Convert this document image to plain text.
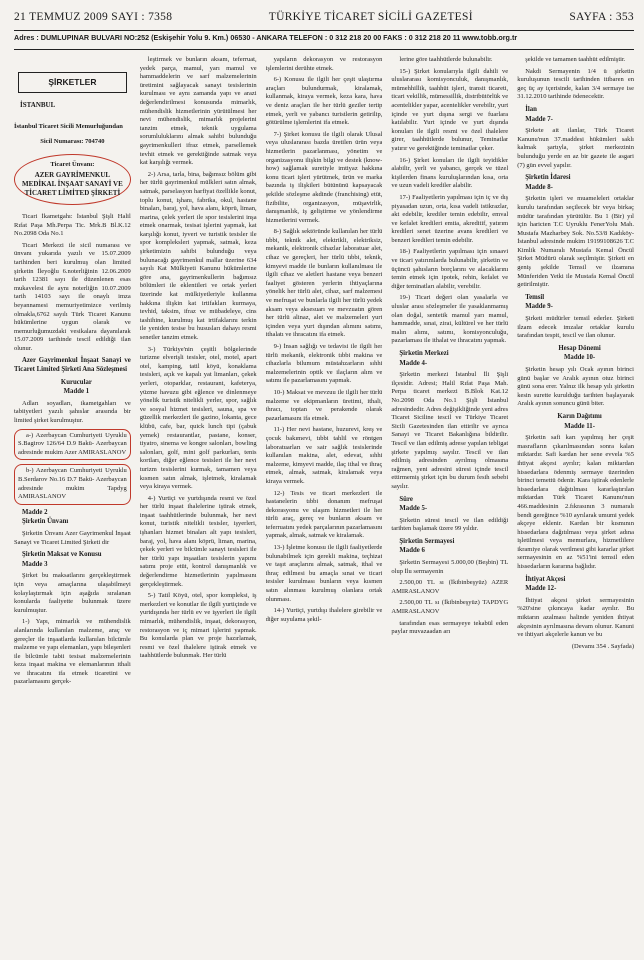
21 TEMMUZ 2009 SAYI : 7358	TÜRKİYE TİCARET SİCİLİ GAZETESİ	SAYFA : 353
Adres : DUMLUPINAR BULVARI NO:252 (Eskişehir Yolu 9. Km.) 06530 - ANKARA TELEFON : 0 312 218 20 00 FAKS : 0 312 218 20 11 www.tobb.org.tr
ŞİRKETLER
İSTANBUL
İstanbul Ticaret Sicili Memurluğundan
Sicil Numarası: 704740
Ticaret Ünvanı:
AZER GAYRİMENKUL MEDİKAL İNŞAAT SANAYİ VE TİCARET LİMİTED ŞİRKETİ

Ticari İkametgahı: İstanbul Şişli Halil Rıfat Paşa Mh.Perpa Tic. Mrk.B Bl.K.12 No.2098 Oda No.1

Ticari Merkezi ile sicil numarası ve ünvanı yukarıda yazılı ve 15.07.2009 tarihinden beri kurulmuş olan limited şirketin İleyoğlu 6.noterliğinin 12.06.2009 tarih 12381 sayı ile düzenlenen esas mukavelesi ile aynı noterliğin 10.07.2009 tarih 14103 sayı ile onaylı imza beyannamesi memuriyetimizce verilmiş olmakla,6762 sayılı Türk Ticaret Kanunu hükümlerine uygun olarak ve memurluğumuzdaki vesikalara dayanılarak 15.07.2009 tarihinde tescil edildiği ilan olunur.

Azer Gayrimenkul İnşaat Sanayi ve Ticaret Limited Şirketi Ana Sözleşmesi
Kurucular
Madde 1

Adları soyadları, ikametgahları ve tabiiyetleri yazılı şahıslar arasında bir limited şirket kurulmuştur.

a-) Azerbaycan Cumhuriyeti Uyruklu S.Bagirov 126/64 D.9 Bakü- Azerbaycan adresinde mukim Azer AMIRASLANOV

b-) Azerbaycan Cumhuriyeti Uyruklu B.Serdarov No.16 D.7 Bakü- Azerbaycan adresinde mukim Tapdyg AMIRASLANOV

Madde 2
Şirketin Ünvanı

Şirketin Ünvanı Azer Gayrimenkul İnşaat Sanayi ve Ticaret Limited Şirketi dir

Şirketin Maksat ve Konusu
Madde 3

Şirket bu maksatlarını gerçekleştirmek için veya amaçlarına ulaşabilmeyi kolaylaştırmak için aşağıda sıralanan konularda faaliyette bulunmak üzere kurulmuştur.

1-) Yapı, mimarlık ve mühendislik alanlarında kullanılan malzeme, araç ve gereçler ile inşaatlarda kullanılan bilcümle malzeme ve yapı elemanları, yapı bileşenleri ile bilcümle tabii tesisat malzemelerinin keza inşaat makina ve elemanlarının ithali ve ihracatını ifa etmek ticaretini ve pazarlamasını gerçek-

leştirmek ve bunların aksam, teferruat, yedek parça, mamul, yarı mamul ve hammaddelerin ve sarf malzemelerinin üretimini sağlayacak sanayi tesislerinin kurulması ve aynı zamanda yapı ve arazi değerlendirilmesi konusunda mimarlık, mühendislik hizmetlerinin yürütülmesi her nevi mühendislik, mimarlık projelerini tanzim etmek, teknik uygulama sorumluluklarını almak sahibi bulunduğu gayrimenkulleri ifraz etmek, parsellemek tevhit etmek ve gerektiğinde satmak veya kat karşılığı vermek.

2-) Arsa, tarla, bina, bağımsız bölüm gibi her türlü gayrimenkul mülkleri satın almak, satmak, parselasyon harfiyat özellikle konut, toplu konut, işhanı, fabrika, okul, hastane binaları, baraj, yol, hava alanı, köprü, liman, marina, çelek yerleri ile spor tesislerini inşa etmek onarmak, tesisat işlerini yapmak, kat karşılığı konut, iyveri ve turistik tesisler ile spor kompleksleri yapmak, satmak, keza şirketimizin sahibi bulunduğu veya bulunacağı gayrimenkul mallar üzerine 634 sayılı Kat Mülkiyeti Kanunu hükümlerine göre ana, gayrimenkullerin bağımsız bölümleri ile eklentileri ve ortak yerleri üzerinde kat mülkiyetleriyle kullanma hakkına ilişkin kat irtifakları kurmaya, tevhid, taksim, ifraz ve mübadeleye, cins tashihine, kurulmuş kat irtifaklarını terkin ile yeniden tesise bu hususları dahayı resmi senetler tanzim etmek.

3-) Türkiye'nin çeşitli bölgelerinde turizme elverişli tesisler, otel, motel, apart otel, kamping, tatil köyü, konaklama tesisleri, açık ve kapalı yat limanları, çekek yerleri, otoparklar, restaurant, kafeterya, yüzme havuzu gibi eğlence ve dinlenmeye yönelik turistik nitelikli yerler, spor, sağlık ve sosyal hizmet tesisleri, sauna, spa ve güzellik merkezleri ile gazino, lokanta, gece klübü, cafe, bar, quick lunch tipi (çabuk yemek) restaurantlar, pastane, konser, tiyatro, sinema ve kongre salonları, bowling salonları, golf, mini golf parkurları, tenis kortları, diğer eğlence tesisleri ile her nevi turizm tesislerini kurmak, tamamen veya kısmen satın almak, işletmek, kiralamak veya kiraya vermek.

4-) Yurtiçi ve yurtdışında resmi ve özel her türlü inşaat ihalelerine iştirak etmek, inşaat taahhütlerinde bulunmak, her nevi konut, turistik nitelikli tesisler, işyerleri, işhanları hizmet binaları alt yapı tesisleri, baraj, yol, hava alanı köprü, liman, marina, çekek yerleri ve bilcümle sanayi tesisleri ile her türlü yapı inşaatları tesislerin yapımı satımı proje etüt, kontrol danışmanlık ve değerlendirme hizmetlerinin yapılmasını gerçekleştirmek.

5-) Tatil Köyü, otel, spor kompleksi, iş merkezleri ve konutlar ile ilgili yurtiçinde ve yurtdışında her türlü ev ve işyerleri ile ilgili mimarlık, mühendislik, inşaat, dekorasyon, restorasyon ve iç mimari işlerini yapmak. Bu konularda plan ve proje hazırlamak, resmi ve özel ihalelere iştirak etmek ve taahhütlerde bulunmak. Her türlü

yapıların dekorasyon ve restorasyon işlemlerini derühte etmek.

6-) Konusu ile ilgili her çeşit ulaştırma araçları bulundurmak, kiralamak, kullanmak, kiraya vermek, keza kara, hava ve deniz araçları ile her türlü geziler tertip etmek, yerli ve yabancı turistlerin getirilip, götürülme işlemlerini ifa etmek.

7-) Şirket konusu ile ilgili olarak Ulusal veya uluslararası bazda üretilen ürün veya hizmetlerin pazarlanması, yönetim ve organizasyonu ilişkin bilgi ve destek (know- how) sağlamak suretiyle imtiyaz hakkına konu ticari işleri yürütmek, ürün ve marka bazında iş ilişkileri bütününü kapsayacak şekilde sözleşme akdinde (franchising) etüt, fizibilite, organizasyon, müşavirlik, danışmanlık, iş geliştirme ve yönlendirme hizmetlerini vermek.

8-) Sağlık sektöründe kullanılan her türlü tıbbi, teknik alet, elektrikli, elektriksiz, mekanik, elektronik cihazlar laboratuar alet, cihaz ve gereçleri, her türlü tıbbi, teknik, kimyevi madde ile bunların kullanılması ile ilgili cihaz ve aletleri hastane veya benzeri faaliyet gösteren yerlerin ihtiyaçlarına yönelik her türlü alet, cihaz, sarf malzemesi ve mefruşat ve bunlarla ilgili her türlü yedek aksam veya aksesuarı ve mevzuatın gören her türlü alinaz, alet ve malzemeleri yurt içinden veya yurt dışından alımını satımı, ithalatı ve ihracatını ifa etmek.

9-) İnsan sağlığı ve tedavisi ile ilgili her türlü mekanik, elektronik tıbbi makina ve cihazlarla bilumum müstahzarların sıhhi malzemelerinin optik ve ilaçların alım ve satımı ile pazarlamasını yapmak.

10-) Maksat ve mevzuu ile ilgili her türlü malzeme ve ekipmanların üretimi, ithali, ihracı, toptan ve perakende olarak pazarlamasını ifa etmek.

11-) Her nevi hastane, huzurevi, kreş ve çocuk bakımevi, tıbbi tahlil ve röntgen laboratuarları ve sair sağlık tesislerinde kullanılan makina, alet, edevat, sıhhi malzeme, kimyevi madde, ilaç ithal ve ihraç etmek, almak, satmak, kiralamak veya kiraya vermek.

12-) Tesis ve ticari merkezleri ile hastanelerin tıbbi donanım mefruşat dekorasyonu ve ulaşım hizmetleri ile her türlü araç, gereç ve bunların aksam ve teferruatını yedek parçalarının pazarlamasını yapmak, almak, satmak ve kiralamak.

13-) İşletme konusu ile ilgili faaliyetlerde bulunabilmek için gerekli makina, teçhizat ve taşıt araçlarını almak, satmak, ithal ve ihraç edilmesi bu amaçla sınai ve ticari tesisler kurulması bunların veya kısmen satın alınması kurulmuş olanlara ortak olunması.

14-) Yurtiçi, yurtdışı ihalelere girebilir ve diğer suyulama şekil-

lerine göre taahhütlerde bulunabilir.

15-) Şirket konularıyla ilgili dahili ve uluslararası komisyonculuk, danışmanlık, mümehhillik, taahhüt işleri, transit ticareti, ticari vekillik, mümessillik, distribütörlük ve acentelikler yapar, acentelikler verebilir, yurt içinde ve yurt dışına sergi ve fuarlara katılabilir. Yurt içinde ve yurt dışında konuları ile ilgili resmi ve özel ihalelere girer, taahhütlerde bulunur, Teminatlar yatırır ve gerektiğinde teminatlar çeker.

16-) Şirket konuları ile ilgili teyidikler alabilir, yerli ve yabancı, gerçek ve tüzel kişilerden finans kuruluşlarından kısa, orta ve uzun vadeli krediler alabilir.

17-) Faaliyetlerin yapılması için iç ve dış piyasadan uzun, orta, kısa vadeli istikrazlar, akt edebilir, krediler temin edebilir, emval ve kefalet kredileri emtia, akreditif, yatırım kredileri senet üzerine avans kredileri ve benzeri kredileri temin edebilir.

18-) Faaliyetlerin yapılması için sınaavi ve ticari yatırımlarda bulunabilir, şirketin ve üçüncü şahısların borçlarını ve alacaklarını temin etmek için ipotek, rehin, kefalet ve diğer teminatları alabilir, verebilir.

19-) Ticari değeri olan yasalarla ve uluslar arası sözleşmeler ile yasaklanmamış olan doğal, sentetik mamul yarı mamul, hammadde, sınai, zirai, kültürel ve her türlü malın alımı, satımı, komisyonculuğu, pazarlaması ile ithalat ve ihracatını yapmak.

Şirketin Merkezi
Madde 4-

Şirketin merkezi İstanbul İli Şişli ilçesidir. Adresi; Halil Rıfat Paşa Mah. Perpa ticaret merkezi B.Blok Kat.12 No.2098 Oda No.1 Şişli İstanbul adresindedir. Adres değişikliğinde yeni adres Ticaret Siciline tescil ve Türkiye Ticaret Sicili Gazetesinden ilan ettirilir ve ayrıca Sanayi ve Ticaret Bakanlığına bildirilir. Tescil ve ilan edilmiş adrese yapılan tebligat şirkete yapılmış sayılır. Tescil ve ilan edilmiş adresinden ayrılmış olmasına rağmen, yeni adresini süresi içinde tescil ettirmemiş şirket için bu durum fesih sebebi sayılır.

Süre
Madde 5-

Şirketin süresi tescil ve ilan edildiği tarihten başlamak üzere 99 yıldır.

Şirketin Sermayesi
Madde 6

Şirketin Sermayesi 5.000,00 (Beşbin) TL olup İlu sermayenin

2.500,00 TL sı (İkibinbeşyüz) AZER AMIRASLANOV

2.500,00 TL sı (İkibinbeşyüz) TAPDYG AMIRASLANOV

tarafından esas sermayeye tekabül eden paylar muvazaadan arı

şekilde ve tamamen taahhüt edilmiştir.

Nakdi Sermayenin 1/4 ü şirketin kuruluşunun tescili tarihinden itibaren en geç üç ay içerisinde, kalan 3/4 sermaye ise 31.12.2010 tarihinde ödenecektir.

İlan
Madde 7-

Şirkete ait ilanlar, Türk Ticaret Kanunu'nun 37.maddesi hükümleri saklı kalmak şartıyla, şirket merkezinin bulunduğu yerde en az bir gazete ile asgari (7) gün evvel yapılır.

Şirketin İdaresi
Madde 8-

Şirketin işleri ve muameleleri ortaklar kurulu tarafından seçilecek bir veya birkaç müdür tarafından yürütülür. Bu 1 (Bir) yıl için haricten T.C Uyruklu FenerYolu Mah. Mustafa Mazharbey Sok. No.53/8 Kadıköy- İstanbul adresinde mukim 19199108626 T.C Kimlik Numaralı Mustafa Kemal Öncül Şirket Müdürü olarak seçilmiştir. Şirketi en geniş şekilde Temsil ve ilzamına Münferiden Yetki ile Mustafa Kemal Öncül getirilmiştir.

Temsil
Madde 9-

Şirketi müdürler temsil ederler. Şirketi ilzam edecek imzalar ortaklar kurulu tarafından tespit, tescil ve ilan olunur.

Hesap Dönemi
Madde 10-

Şirketin hesap yılı Ocak ayının birinci günü başlar ve Aralık ayının otuz birinci günü sona erer. Yalnız ilk hesap yılı şirketin kesin surette kurulduğu tarihten başlayarak Aralık ayının sonuncu günü biter.

Karın Dağıtımı
Madde 11-

Şirketin safi karı yapılmış her çeşit masrafların çıkarılmasından sonra kalan miktardır. Safi kardan her sene evvela %5 ihtiyat akçesi ayrılır; kalan miktardan hissedarlara ödenmiş sermaye üzerinden birinci temettü ödenir. Kara iştirak edenlerle hissedarlara dağıtılması kararlaştırılan miktardan Türk Ticaret Kanunu'nun 466.maddesinin 2.fıkrasının 3 numaralı bendi gereğince %10 ayrılarak umumi yedek akçeye eklenir. Kardan bir kısmının hissedarlara dağıtılması veya şirket adına işletilmesi veya memurlara, hizmetlilere ikramiye olarak verilmesi gibi kararlar şirket sermayesinin en az %51'ini temsil eden hissedarların kararına bağlıdır.

İhtiyat Akçesi
Madde 12-

İhtiyat akçesi şirket sermayesinin %20'sine çıkıncaya kadar ayrılır. Bu miktarın azalması halinde yeniden ihtiyat akçesinin ayrılmasına devam olunur. Kanuni ve ihtiyari akçelerle kanun ve bu

(Devamı 354 . Sayfada)
